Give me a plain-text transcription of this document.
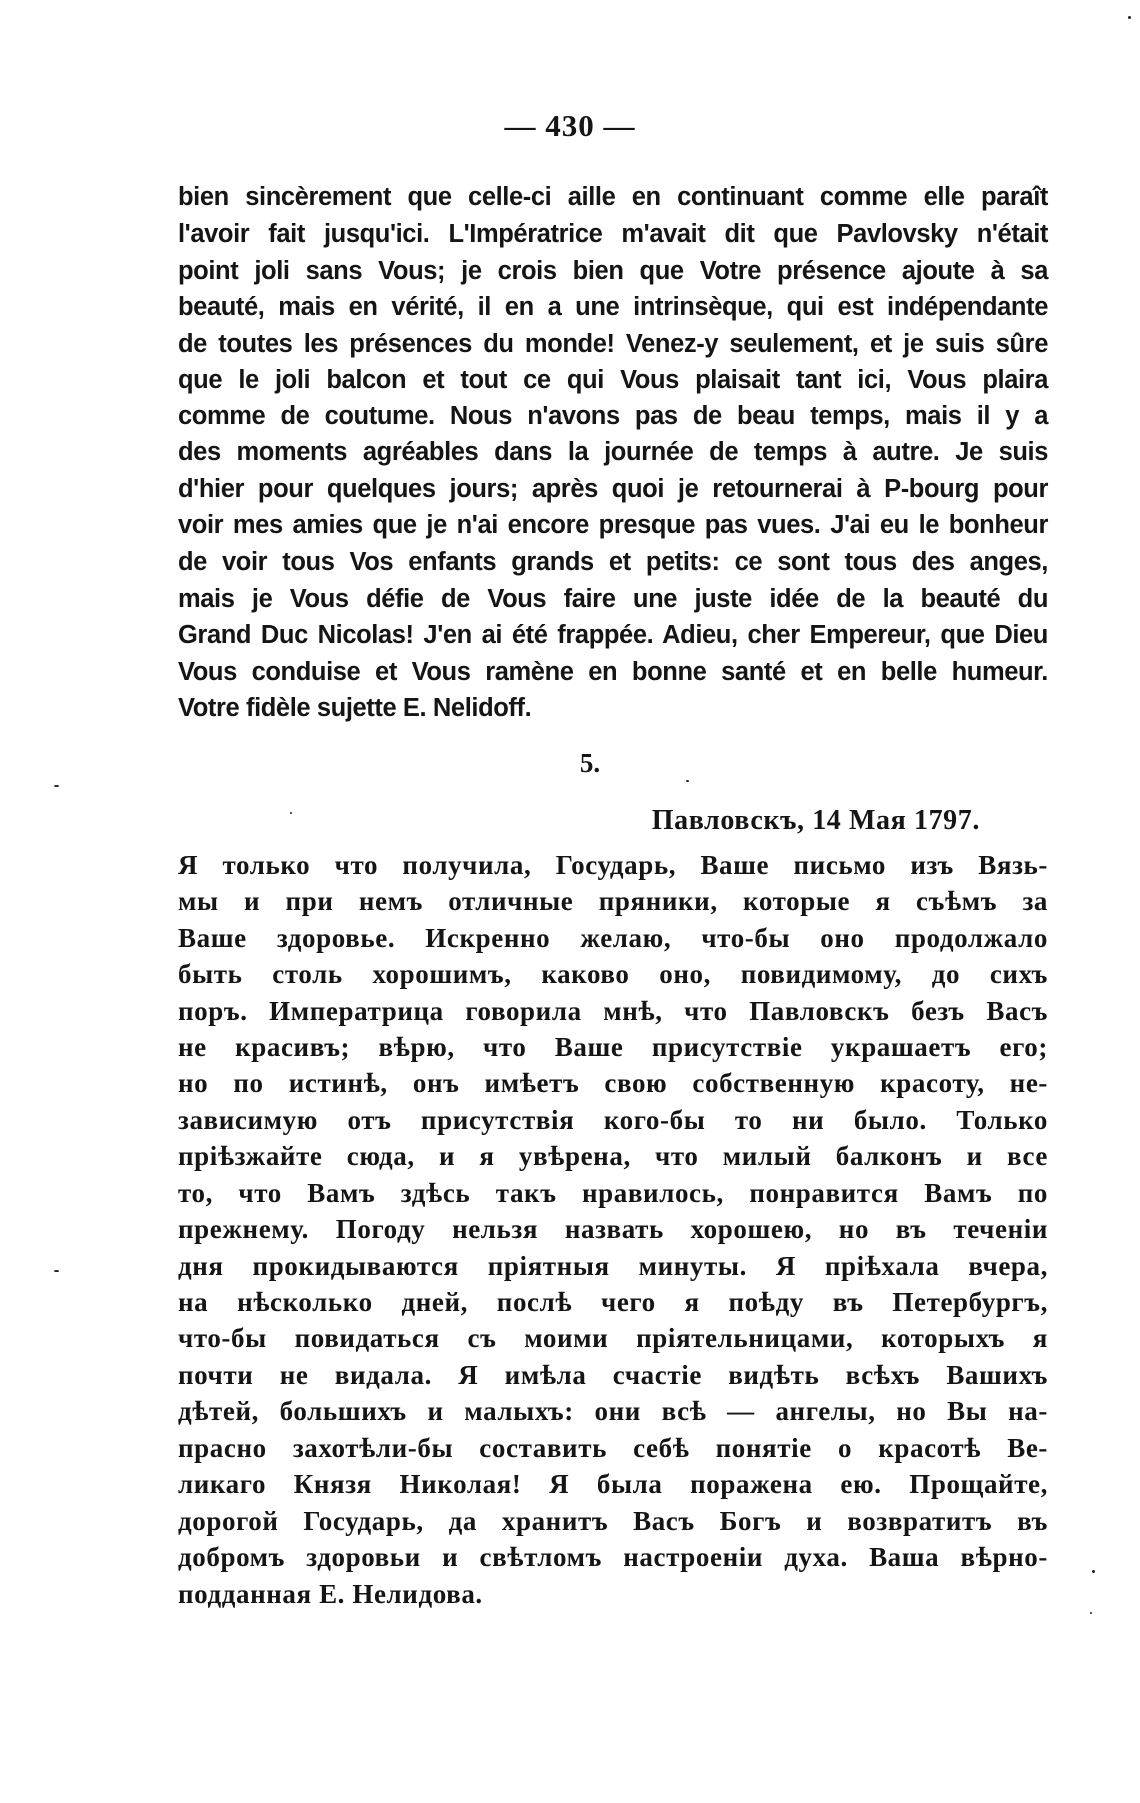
— 430 —
bien sincèrement que celle-ci aille en continuant comme elle paraît
l'avoir fait jusqu'ici. L'Impératrice m'avait dit que Pavlovsky n'était
point joli sans Vous; je crois bien que Votre présence ajoute à sa
beauté, mais en vérité, il en a une intrinsèque, qui est indépendante
de toutes les présences du monde! Venez-y seulement, et je suis sûre
que le joli balcon et tout ce qui Vous plaisait tant ici, Vous plaira
comme de coutume. Nous n'avons pas de beau temps, mais il y a
des moments agréables dans la journée de temps à autre. Je suis
d'hier pour quelques jours; après quoi je retournerai à P-bourg pour
voir mes amies que je n'ai encore presque pas vues. J'ai eu le bonheur
de voir tous Vos enfants grands et petits: ce sont tous des anges,
mais je Vous défie de Vous faire une juste idée de la beauté du
Grand Duc Nicolas! J'en ai été frappée. Adieu, cher Empereur, que Dieu
Vous conduise et Vous ramène en bonne santé et en belle humeur.
Votre fidèle sujette E. Nelidoff.
5.
Павловскъ, 14 Мая 1797.
Я только что получила, Государь, Ваше письмо изъ Вязь-
мы и при немъ отличные пряники, которые я съѣмъ за
Ваше здоровье. Искренно желаю, что-бы оно продолжало
быть столь хорошимъ, каково оно, повидимому, до сихъ
поръ. Императрица говорила мнѣ, что Павловскъ безъ Васъ
не красивъ; вѣрю, что Ваше присутствіе украшаетъ его;
но по истинѣ, онъ имѣетъ свою собственную красоту, не-
зависимую отъ присутствія кого-бы то ни было. Только
пріѣзжайте сюда, и я увѣрена, что милый балконъ и все
то, что Вамъ здѣсь такъ нравилось, понравится Вамъ по
прежнему. Погоду нельзя назвать хорошею, но въ теченіи
дня прокидываются пріятныя минуты. Я пріѣхала вчера,
на нѣсколько дней, послѣ чего я поѣду въ Петербургъ,
что-бы повидаться съ моими пріятельницами, которыхъ я
почти не видала. Я имѣла счастіе видѣть всѣхъ Вашихъ
дѣтей, большихъ и малыхъ: они всѣ — ангелы, но Вы на-
прасно захотѣли-бы составить себѣ понятіе о красотѣ Ве-
ликаго Князя Николая! Я была поражена ею. Прощайте,
дорогой Государь, да хранитъ Васъ Богъ и возвратитъ въ
добромъ здоровьи и свѣтломъ настроеніи духа. Ваша вѣрно-
подданная Е. Нелидова.
